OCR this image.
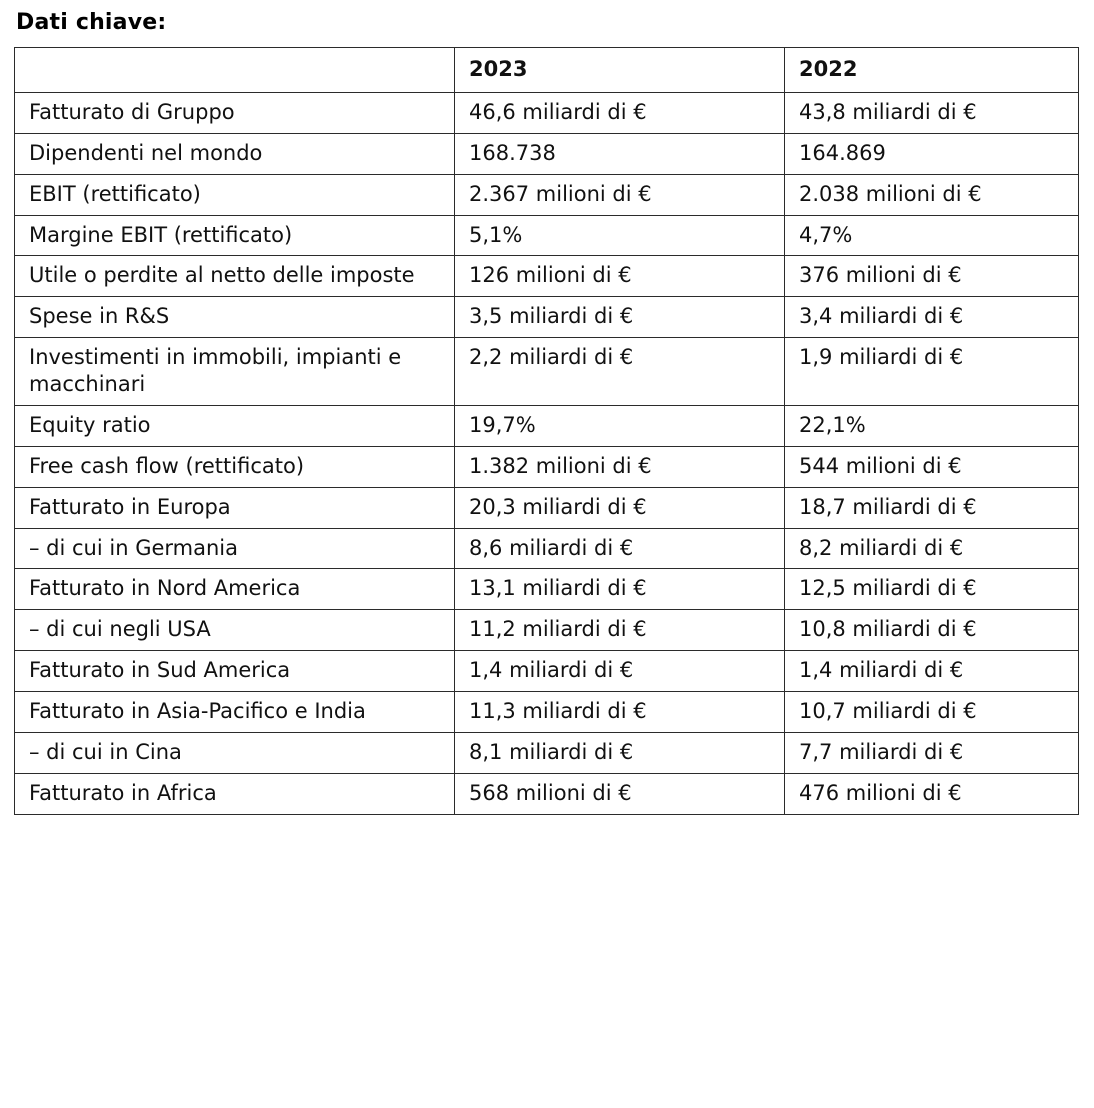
Dati chiave:
	2023	2022
Fatturato di Gruppo	46,6 miliardi di €	43,8 miliardi di €
Dipendenti nel mondo	168.738	164.869
EBIT (rettificato)	2.367 milioni di €	2.038 milioni di €
Margine EBIT (rettificato)	5,1%	4,7%
Utile o perdite al netto delle imposte	126 milioni di €	376 milioni di €
Spese in R&S	3,5 miliardi di €	3,4 miliardi di €
Investimenti in immobili, impianti e macchinari	2,2 miliardi di €	1,9 miliardi di €
Equity ratio	19,7%	22,1%
Free cash flow (rettificato)	1.382 milioni di €	544 milioni di €
Fatturato in Europa	20,3 miliardi di €	18,7 miliardi di €
– di cui in Germania	8,6 miliardi di €	8,2 miliardi di €
Fatturato in Nord America	13,1 miliardi di €	12,5 miliardi di €
– di cui negli USA	11,2 miliardi di €	10,8 miliardi di €
Fatturato in Sud America	1,4 miliardi di €	1,4 miliardi di €
Fatturato in Asia-Pacifico e India	11,3 miliardi di €	10,7 miliardi di €
– di cui in Cina	8,1 miliardi di €	7,7 miliardi di €
Fatturato in Africa	568 milioni di €	476 milioni di €
